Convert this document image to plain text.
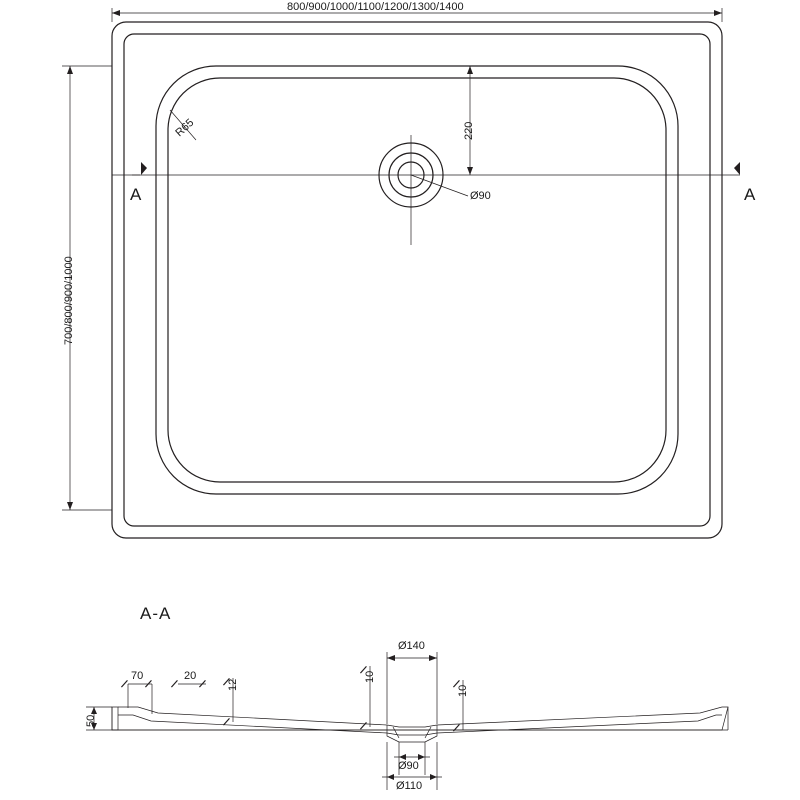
800/900/1000/1100/1200/1300/1400
700/800/900/1000
R65	220
Ø90
A	A
A-A
70	20
12
10
10
50
Ø140
Ø90
Ø110
